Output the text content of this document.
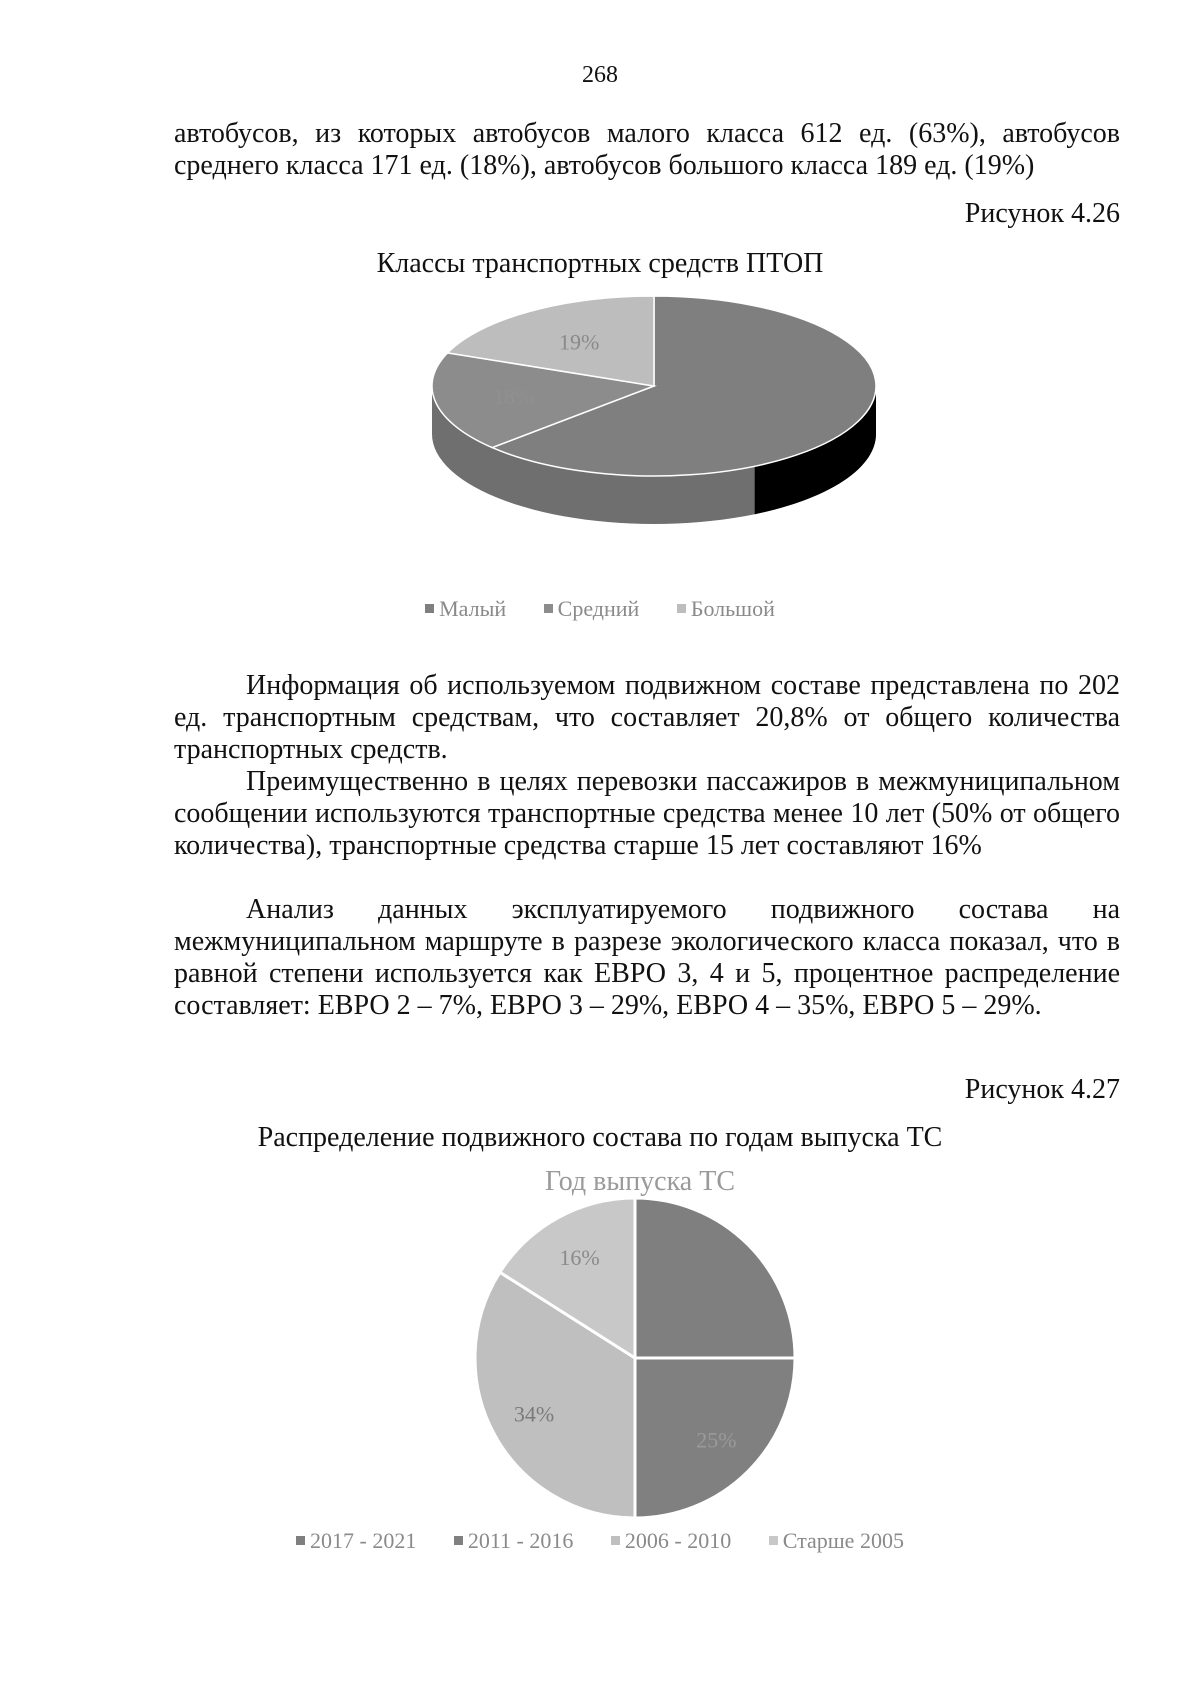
268

автобусов, из которых автобусов малого класса 612 ед. (63%), автобусов среднего класса 171 ед. (18%), автобусов большого класса 189 ед. (19%)

Рисунок 4.26
Классы транспортных средств ПТОП
19%
18%
Малый Средний Большой

Информация об используемом подвижном составе представлена по 202 ед. транспортным средствам, что составляет 20,8% от общего количества транспортных средств.

Преимущественно в целях перевозки пассажиров в межмуниципальном сообщении используются транспортные средства менее 10 лет (50% от общего количества), транспортные средства старше 15 лет составляют 16%

Анализ данных эксплуатируемого подвижного состава на межмуниципальном маршруте в разрезе экологического класса показал, что в равной степени используется как ЕВРО 3, 4 и 5, процентное распределение составляет: ЕВРО 2 – 7%, ЕВРО 3 – 29%, ЕВРО 4 – 35%, ЕВРО 5 – 29%.

Рисунок 4.27
Распределение подвижного состава по годам выпуска ТС
Год выпуска ТС
16%
34%
25%
2017 - 2021 2011 - 2016 2006 - 2010 Старше 2005
